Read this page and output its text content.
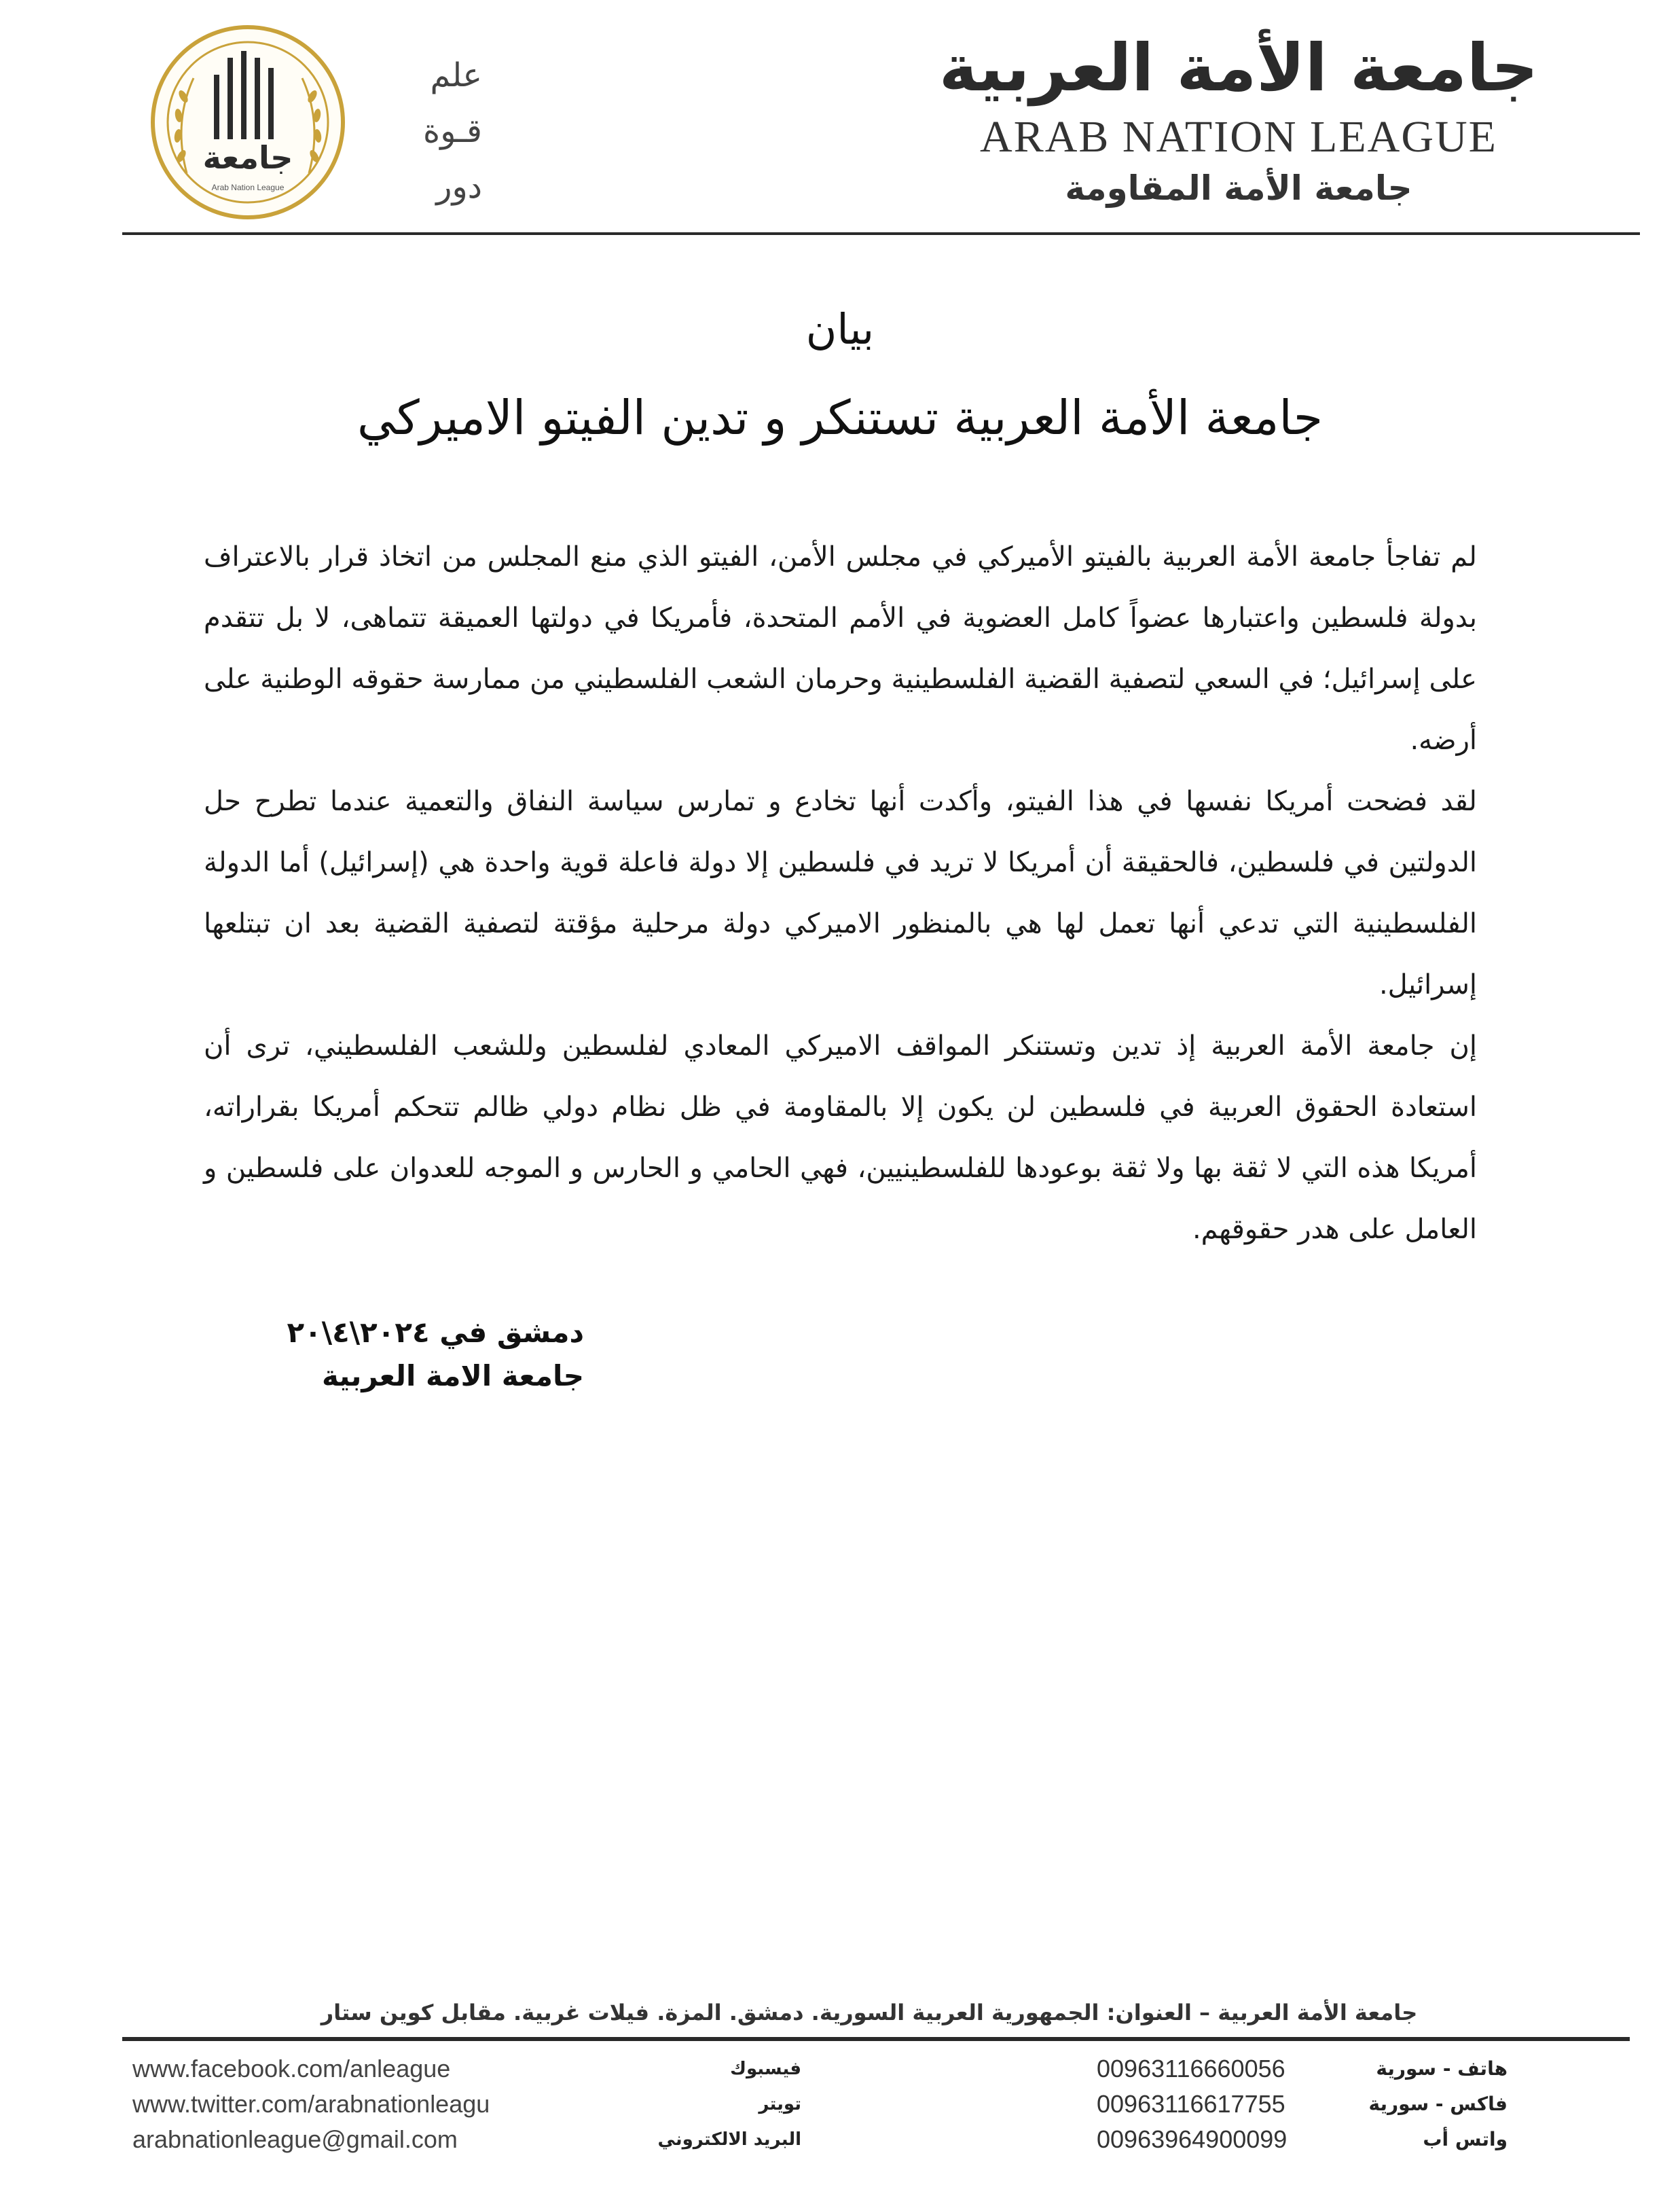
جامعة الأمة العربية
ARAB NATION LEAGUE
جامعة الأمة المقاومة
علم
قـوة
دور
جامعة
Arab Nation League
بيان
جامعة الأمة العربية تستنكر و تدين الفيتو الاميركي

لم تفاجأ جامعة الأمة العربية بالفيتو الأميركي في مجلس الأمن، الفيتو الذي منع المجلس من اتخاذ قرار بالاعتراف بدولة فلسطين واعتبارها عضواً كامل العضوية في الأمم المتحدة، فأمريكا في دولتها العميقة تتماهى، لا بل تتقدم على إسرائيل؛ في السعي لتصفية القضية الفلسطينية وحرمان الشعب الفلسطيني من ممارسة حقوقه الوطنية على أرضه.

لقد فضحت أمريكا نفسها في هذا الفيتو، وأكدت أنها تخادع و تمارس سياسة النفاق والتعمية عندما تطرح حل الدولتين في فلسطين، فالحقيقة أن أمريكا لا تريد في فلسطين إلا دولة فاعلة قوية واحدة هي (إسرائيل) أما الدولة الفلسطينية التي تدعي أنها تعمل لها هي بالمنظور الاميركي دولة مرحلية مؤقتة لتصفية القضية بعد ان تبتلعها إسرائيل.

إن جامعة الأمة العربية إذ تدين وتستنكر المواقف الاميركي المعادي لفلسطين وللشعب الفلسطيني، ترى أن استعادة الحقوق العربية في فلسطين لن يكون إلا بالمقاومة في ظل نظام دولي ظالم تتحكم أمريكا بقراراته، أمريكا هذه التي لا ثقة بها ولا ثقة بوعودها للفلسطينيين، فهي الحامي و الحارس و الموجه للعدوان على فلسطين و العامل على هدر حقوقهم.

دمشق في ٢٠٢٤\٤\٢٠
جامعة الامة العربية
جامعة الأمة العربية – العنوان: الجمهورية العربية السورية. دمشق. المزة. فيلات غربية. مقابل كوين ستار
هاتف - سورية
فاكس - سورية
واتس أب
00963116660056
00963116617755
00963964900099
فيسبوك
تويتر
البريد الالكتروني
www.facebook.com/anleague
www.twitter.com/arabnationleagu
arabnationleague@gmail.com
